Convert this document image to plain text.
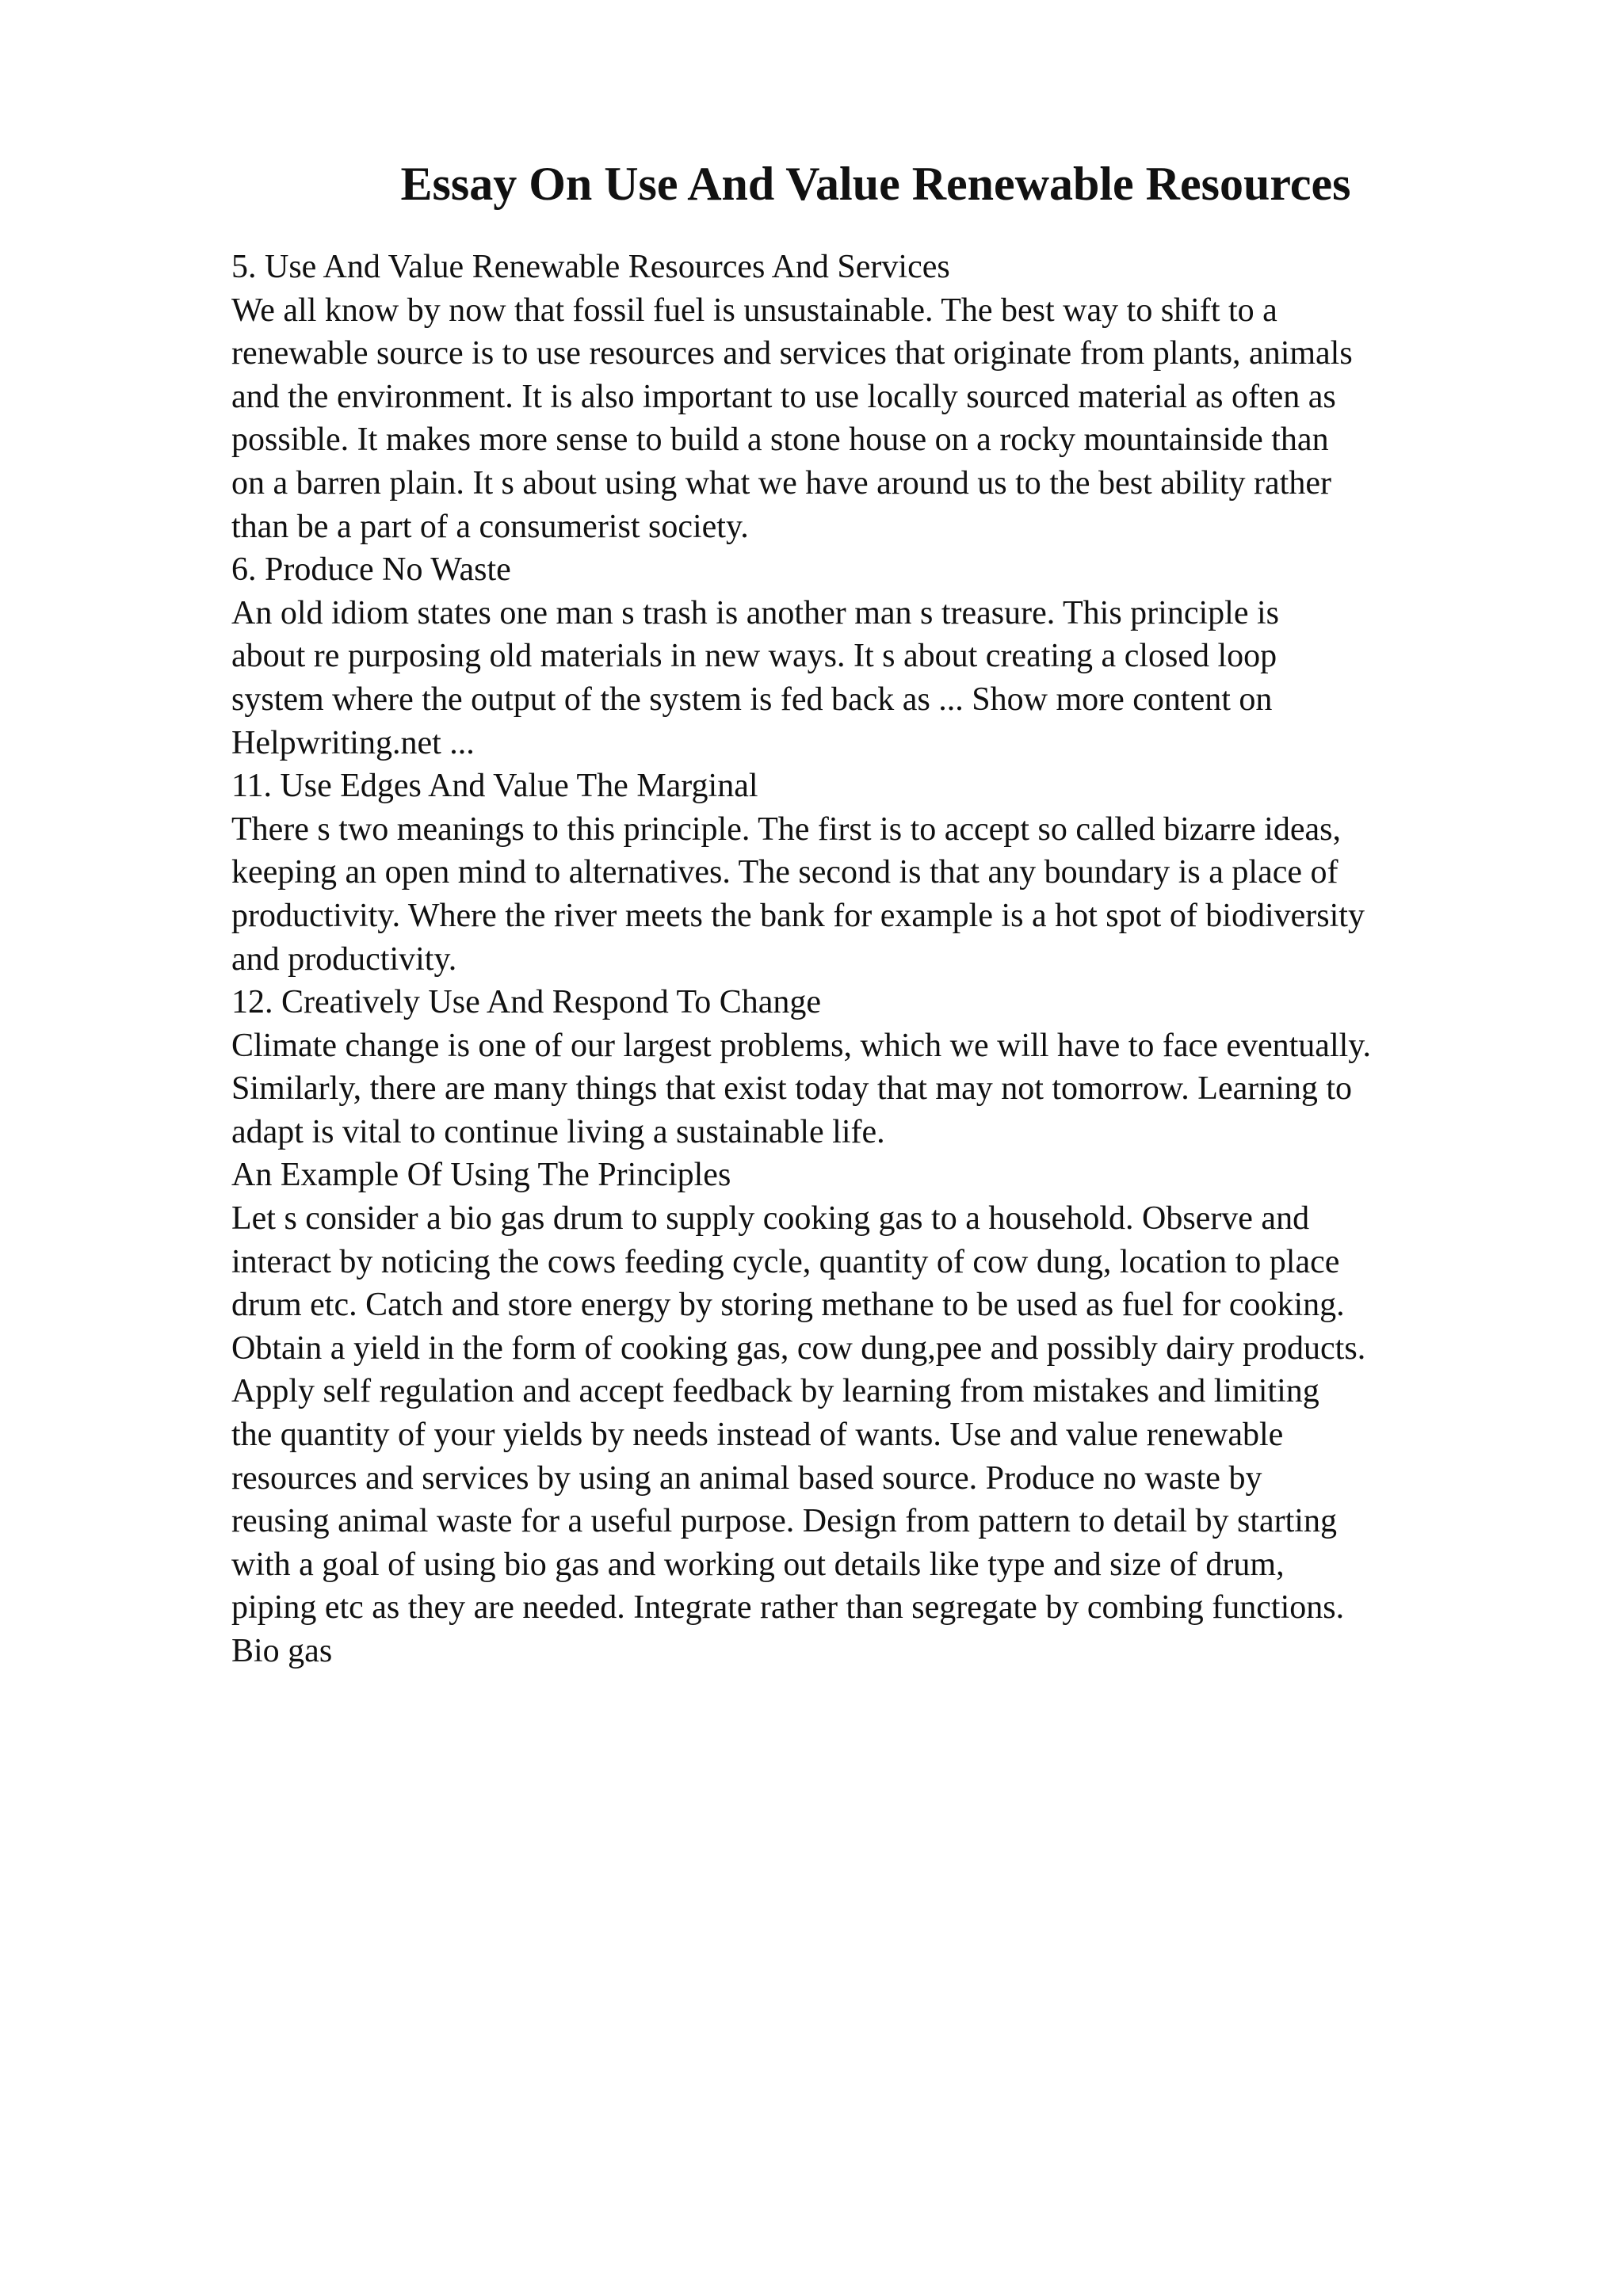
Essay On Use And Value Renewable Resources
5. Use And Value Renewable Resources And Services
We all know by now that fossil fuel is unsustainable. The best way to shift to a
renewable source is to use resources and services that originate from plants, animals
and the environment. It is also important to use locally sourced material as often as
possible. It makes more sense to build a stone house on a rocky mountainside than
on a barren plain. It s about using what we have around us to the best ability rather
than be a part of a consumerist society.
6. Produce No Waste
An old idiom states one man s trash is another man s treasure. This principle is
about re purposing old materials in new ways. It s about creating a closed loop
system where the output of the system is fed back as ... Show more content on
Helpwriting.net ...
11. Use Edges And Value The Marginal
There s two meanings to this principle. The first is to accept so called bizarre ideas,
keeping an open mind to alternatives. The second is that any boundary is a place of
productivity. Where the river meets the bank for example is a hot spot of biodiversity
and productivity.
12. Creatively Use And Respond To Change
Climate change is one of our largest problems, which we will have to face eventually.
Similarly, there are many things that exist today that may not tomorrow. Learning to
adapt is vital to continue living a sustainable life.
An Example Of Using The Principles
Let s consider a bio gas drum to supply cooking gas to a household. Observe and
interact by noticing the cows feeding cycle, quantity of cow dung, location to place
drum etc. Catch and store energy by storing methane to be used as fuel for cooking.
Obtain a yield in the form of cooking gas, cow dung,pee and possibly dairy products.
Apply self regulation and accept feedback by learning from mistakes and limiting
the quantity of your yields by needs instead of wants. Use and value renewable
resources and services by using an animal based source. Produce no waste by
reusing animal waste for a useful purpose. Design from pattern to detail by starting
with a goal of using bio gas and working out details like type and size of drum,
piping etc as they are needed. Integrate rather than segregate by combing functions.
Bio gas
